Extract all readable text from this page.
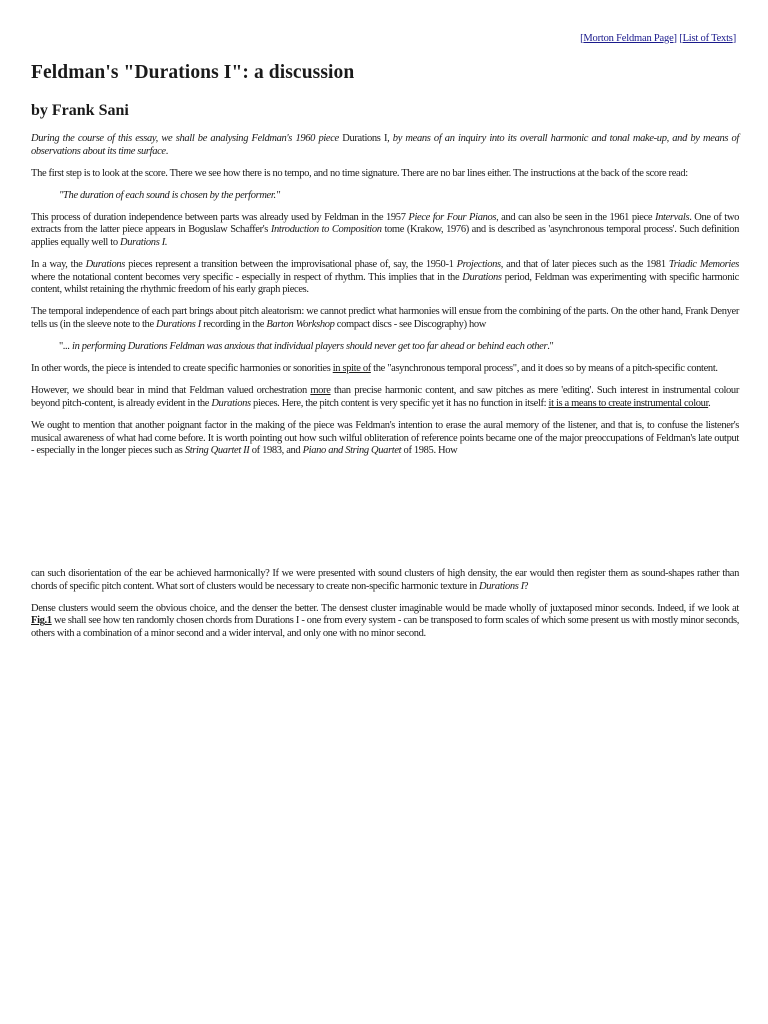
[Morton Feldman Page] [List of Texts]
Feldman's "Durations I": a discussion
by Frank Sani

During the course of this essay, we shall be analysing Feldman's 1960 piece Durations I, by means of an inquiry into its overall harmonic and tonal make-up, and by means of observations about its time surface.

The first step is to look at the score. There we see how there is no tempo, and no time signature. There are no bar lines either. The instructions at the back of the score read:

"The duration of each sound is chosen by the performer."

This process of duration independence between parts was already used by Feldman in the 1957 Piece for Four Pianos, and can also be seen in the 1961 piece Intervals. One of two extracts from the latter piece appears in Boguslaw Schaffer's Introduction to Composition tome (Krakow, 1976) and is described as 'asynchronous temporal process'. Such definition applies equally well to Durations I.

In a way, the Durations pieces represent a transition between the improvisational phase of, say, the 1950-1 Projections, and that of later pieces such as the 1981 Triadic Memories where the notational content becomes very specific - especially in respect of rhythm. This implies that in the Durations period, Feldman was experimenting with specific harmonic content, whilst retaining the rhythmic freedom of his early graph pieces.

The temporal independence of each part brings about pitch aleatorism: we cannot predict what harmonies will ensue from the combining of the parts. On the other hand, Frank Denyer tells us (in the sleeve note to the Durations I recording in the Barton Workshop compact discs - see Discography) how

"... in performing Durations Feldman was anxious that individual players should never get too far ahead or behind each other."

In other words, the piece is intended to create specific harmonies or sonorities in spite of the "asynchronous temporal process", and it does so by means of a pitch-specific content.

However, we should bear in mind that Feldman valued orchestration more than precise harmonic content, and saw pitches as mere 'editing'. Such interest in instrumental colour beyond pitch-content, is already evident in the Durations pieces. Here, the pitch content is very specific yet it has no function in itself: it is a means to create instrumental colour.

We ought to mention that another poignant factor in the making of the piece was Feldman's intention to erase the aural memory of the listener, and that is, to confuse the listener's musical awareness of what had come before. It is worth pointing out how such wilful obliteration of reference points became one of the major preoccupations of Feldman's late output - especially in the longer pieces such as String Quartet II of 1983, and Piano and String Quartet of 1985. How

can such disorientation of the ear be achieved harmonically? If we were presented with sound clusters of high density, the ear would then register them as sound-shapes rather than chords of specific pitch content. What sort of clusters would be necessary to create non-specific harmonic texture in Durations I?

Dense clusters would seem the obvious choice, and the denser the better. The densest cluster imaginable would be made wholly of juxtaposed minor seconds. Indeed, if we look at Fig.1 we shall see how ten randomly chosen chords from Durations I - one from every system - can be transposed to form scales of which some present us with mostly minor seconds, others with a combination of a minor second and a wider interval, and only one with no minor second.
